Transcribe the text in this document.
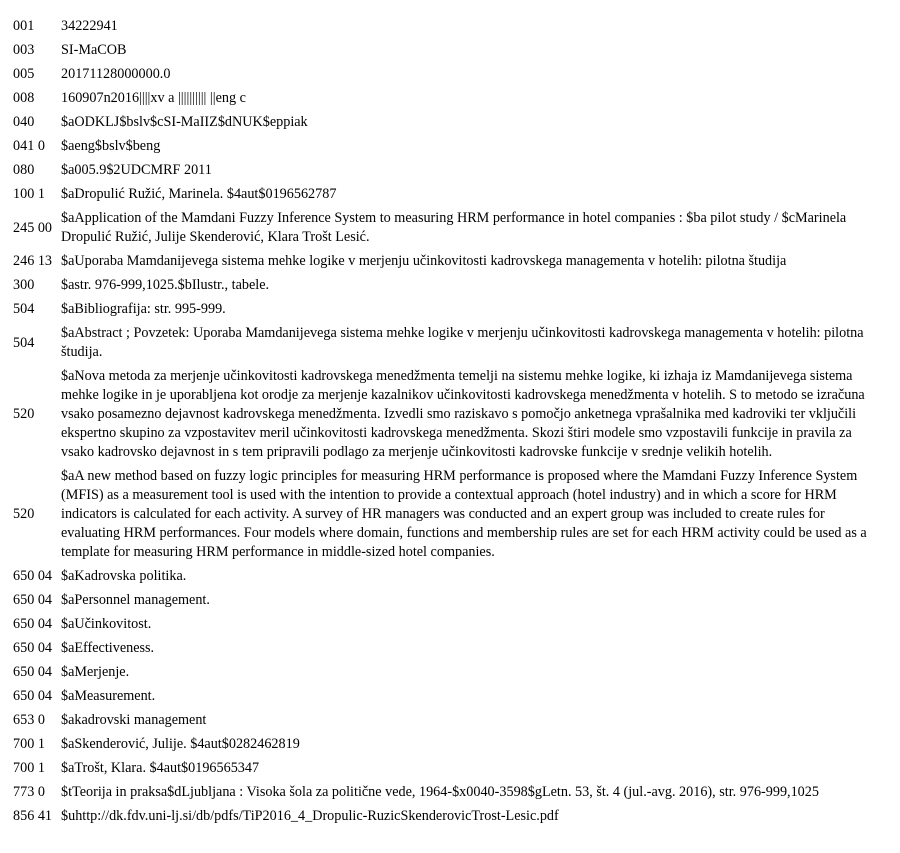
001	34222941
003	SI-MaCOB
005	20171128000000.0
008	160907n2016||||xv a |||||||||| ||eng c
040	$aODKLJ$bslv$cSI-MaIIZ$dNUK$eppiak
041 0	$aeng$bslv$beng
080	$a005.9$2UDCMRF 2011
100 1	$aDropulić Ružić, Marinela. $4aut$0196562787
245 00	$aApplication of the Mamdani Fuzzy Inference System to measuring HRM performance in hotel companies : $ba pilot study / $cMarinela Dropulić Ružić, Julije Skenderović, Klara Trošt Lesić.
246 13	$aUporaba Mamdanijevega sistema mehke logike v merjenju učinkovitosti kadrovskega managementa v hotelih: pilotna študija
300	$astr. 976-999,1025.$bIlustr., tabele.
504	$aBibliografija: str. 995-999.
504	$aAbstract ; Povzetek: Uporaba Mamdanijevega sistema mehke logike v merjenju učinkovitosti kadrovskega managementa v hotelih: pilotna študija.
520	$aNova metoda za merjenje učinkovitosti kadrovskega menedžmenta temelji na sistemu mehke logike, ki izhaja iz Mamdanijevega sistema mehke logike in je uporabljena kot orodje za merjenje kazalnikov učinkovitosti kadrovskega menedžmenta v hotelih. S to metodo se izračuna vsako posamezno dejavnost kadrovskega menedžmenta. Izvedli smo raziskavo s pomočjo anketnega vprašalnika med kadroviki ter vključili ekspertno skupino za vzpostavitev meril učinkovitosti kadrovskega menedžmenta. Skozi štiri modele smo vzpostavili funkcije in pravila za vsako kadrovsko dejavnost in s tem pripravili podlago za merjenje učinkovitosti kadrovske funkcije v srednje velikih hotelih.
520	$aA new method based on fuzzy logic principles for measuring HRM performance is proposed where the Mamdani Fuzzy Inference System (MFIS) as a measurement tool is used with the intention to provide a contextual approach (hotel industry) and in which a score for HRM indicators is calculated for each activity. A survey of HR managers was conducted and an expert group was included to create rules for evaluating HRM performances. Four models where domain, functions and membership rules are set for each HRM activity could be used as a template for measuring HRM performance in middle-sized hotel companies.
650 04	$aKadrovska politika.
650 04	$aPersonnel management.
650 04	$aUčinkovitost.
650 04	$aEffectiveness.
650 04	$aMerjenje.
650 04	$aMeasurement.
653 0	$akadrovski management
700 1	$aSkenderović, Julije. $4aut$0282462819
700 1	$aTrošt, Klara. $4aut$0196565347
773 0	$tTeorija in praksa$dLjubljana : Visoka šola za politične vede, 1964-$x0040-3598$gLetn. 53, št. 4 (jul.-avg. 2016), str. 976-999,1025
856 41	$uhttp://dk.fdv.uni-lj.si/db/pdfs/TiP2016_4_Dropulic-RuzicSkenderovicTrost-Lesic.pdf
